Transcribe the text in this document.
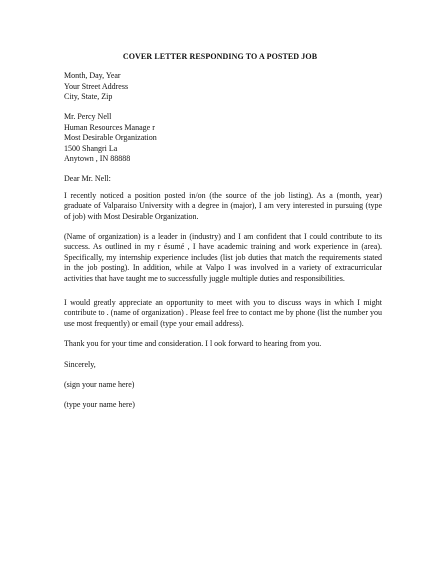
COVER LETTER RESPONDING TO A POSTED JOB

Month, Day, Year
Your Street Address
City, State, Zip
Mr. Percy Nell
Human Resources Manage r
Most Desirable Organization
1500 Shangri La
Anytown , IN 88888

Dear Mr. Nell:

I recently noticed a position posted in/on (the source of the job listing). As a (month, year) graduate of Valparaiso University with a degree in (major), I am very interested in pursuing (type of job) with Most Desirable Organization.

(Name of organization) is a leader in (industry) and I am confident that I could contribute to its success. As outlined in my r ésumé , I have academic training and work experience in (area). Specifically, my internship experience includes (list job duties that match the requirements stated in the job posting). In addition, while at Valpo I was involved in a variety of extracurricular activities that have taught me to successfully juggle multiple duties and responsibilities.

I would greatly appreciate an opportunity to meet with you to discuss ways in which I might contribute to . (name of organization) . Please feel free to contact me by phone (list the number you use most frequently) or email (type your email address).

Thank you for your time and consideration. I l ook forward to hearing from you.

Sincerely,

(sign your name here)

(type your name here)
